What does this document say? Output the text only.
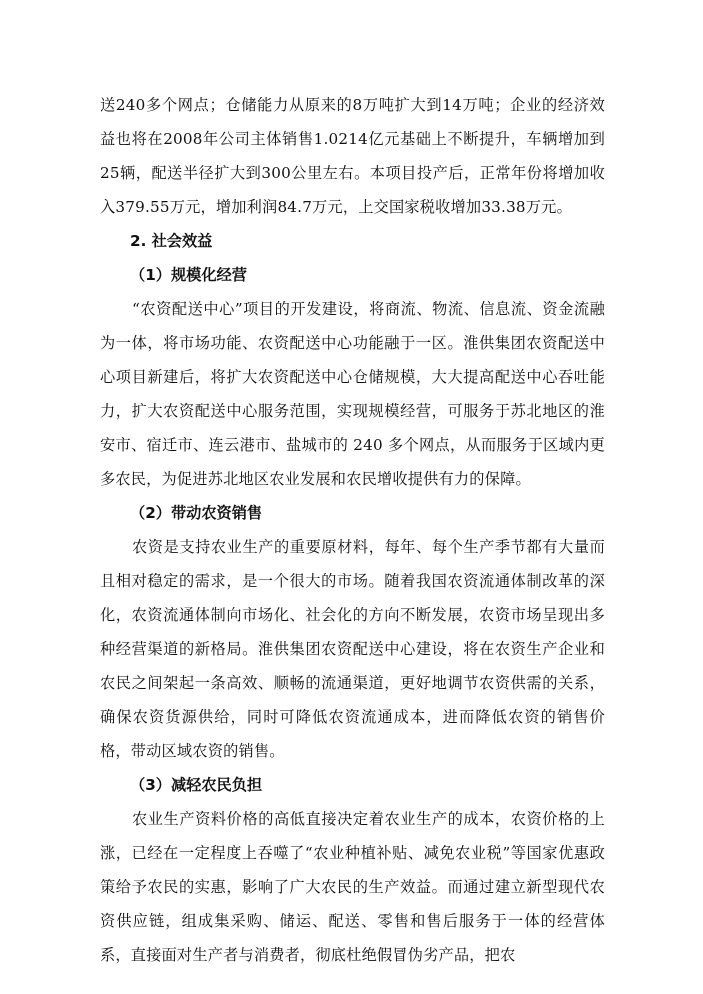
送240多个网点；仓储能力从原来的8万吨扩大到14万吨；企业的经济效益也将在2008年公司主体销售1.0214亿元基础上不断提升，车辆增加到25辆，配送半径扩大到300公里左右。本项目投产后，正常年份将增加收入379.55万元，增加利润84.7万元，上交国家税收增加33.38万元。

2. 社会效益

（1）规模化经营

“农资配送中心”项目的开发建设，将商流、物流、信息流、资金流融为一体，将市场功能、农资配送中心功能融于一区。淮供集团农资配送中心项目新建后，将扩大农资配送中心仓储规模，大大提高配送中心吞吐能力，扩大农资配送中心服务范围，实现规模经营，可服务于苏北地区的淮安市、宿迁市、连云港市、盐城市的 240 多个网点，从而服务于区域内更多农民，为促进苏北地区农业发展和农民增收提供有力的保障。

（2）带动农资销售

农资是支持农业生产的重要原材料，每年、每个生产季节都有大量而且相对稳定的需求，是一个很大的市场。随着我国农资流通体制改革的深化，农资流通体制向市场化、社会化的方向不断发展，农资市场呈现出多种经营渠道的新格局。淮供集团农资配送中心建设，将在农资生产企业和农民之间架起一条高效、顺畅的流通渠道，更好地调节农资供需的关系，确保农资货源供给，同时可降低农资流通成本，进而降低农资的销售价格，带动区域农资的销售。

（3）减轻农民负担

农业生产资料价格的高低直接决定着农业生产的成本，农资价格的上涨，已经在一定程度上吞噬了“农业种植补贴、减免农业税”等国家优惠政策给予农民的实惠，影响了广大农民的生产效益。而通过建立新型现代农资供应链，组成集采购、储运、配送、零售和售后服务于一体的经营体系，直接面对生产者与消费者，彻底杜绝假冒伪劣产品，把农
